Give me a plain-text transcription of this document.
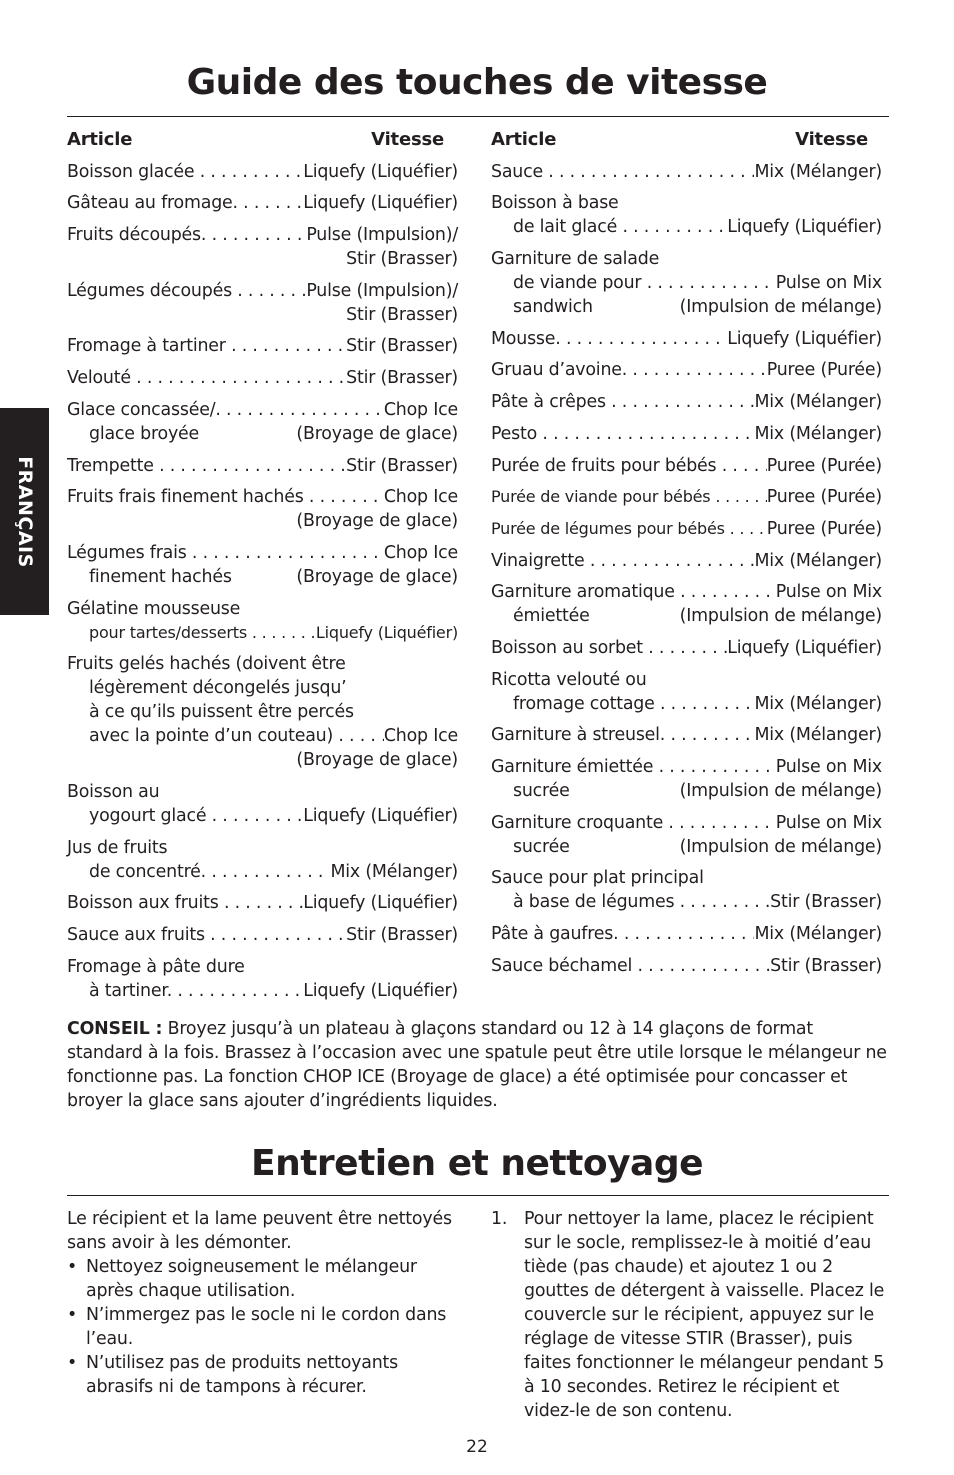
Guide des touches de vitesse
FRANÇAIS
Article	Vitesse
Boisson glacée . . .	Liquefy (Liquéfier)
Gâteau au fromage. . . .	Liquefy (Liquéfier)
Fruits découpés. . . .	Pulse (Impulsion)/
Stir (Brasser)
Légumes découpés . . .	Pulse (Impulsion)/
Stir (Brasser)
Fromage à tartiner . . .	Stir (Brasser)
Velouté . . .	Stir (Brasser)
Glace concassée/. . . .	Chop Ice
glace broyée	(Broyage de glace)
Trempette . . .	Stir (Brasser)
Fruits frais finement hachés . . .	Chop Ice
(Broyage de glace)
Légumes frais . . .	Chop Ice
finement hachés	(Broyage de glace)
Gélatine mousseuse
pour tartes/desserts . . .	Liquefy (Liquéfier)
Fruits gelés hachés (doivent être
légèrement décongelés jusqu’
à ce qu’ils puissent être percés
avec la pointe d’un couteau) . . .	Chop Ice
(Broyage de glace)
Boisson au
yogourt glacé . . .	Liquefy (Liquéfier)
Jus de fruits
de concentré. . . .	Mix (Mélanger)
Boisson aux fruits . . .	Liquefy (Liquéfier)
Sauce aux fruits . . .	Stir (Brasser)
Fromage à pâte dure
à tartiner. . . .	Liquefy (Liquéfier)
Article	Vitesse
Sauce . . .	Mix (Mélanger)
Boisson à base
de lait glacé . . .	Liquefy (Liquéfier)
Garniture de salade
de viande pour . . .	Pulse on Mix
sandwich	(Impulsion de mélange)
Mousse. . . .	Liquefy (Liquéfier)
Gruau d’avoine. . . .	Puree (Purée)
Pâte à crêpes . . .	Mix (Mélanger)
Pesto . . .	Mix (Mélanger)
Purée de fruits pour bébés . . .	Puree (Purée)
Purée de viande pour bébés . . .	Puree (Purée)
Purée de légumes pour bébés . . .	Puree (Purée)
Vinaigrette . . .	Mix (Mélanger)
Garniture aromatique . . .	Pulse on Mix
émiettée	(Impulsion de mélange)
Boisson au sorbet . . .	Liquefy (Liquéfier)
Ricotta velouté ou
fromage cottage . . .	Mix (Mélanger)
Garniture à streusel. . . .	Mix (Mélanger)
Garniture émiettée . . .	Pulse on Mix
sucrée	(Impulsion de mélange)
Garniture croquante . . .	Pulse on Mix
sucrée	(Impulsion de mélange)
Sauce pour plat principal
à base de légumes . . .	Stir (Brasser)
Pâte à gaufres. . . .	Mix (Mélanger)
Sauce béchamel . . .	Stir (Brasser)
CONSEIL : Broyez jusqu’à un plateau à glaçons standard ou 12 à 14 glaçons de format standard à la fois. Brassez à l’occasion avec une spatule peut être utile lorsque le mélangeur ne fonctionne pas. La fonction CHOP ICE (Broyage de glace) a été optimisée pour concasser et broyer la glace sans ajouter d’ingrédients liquides.
Entretien et nettoyage
Le récipient et la lame peuvent être nettoyés sans avoir à les démonter.
• Nettoyez soigneusement le mélangeur après chaque utilisation.
• N’immergez pas le socle ni le cordon dans l’eau.
• N’utilisez pas de produits nettoyants abrasifs ni de tampons à récurer.
1. Pour nettoyer la lame, placez le récipient sur le socle, remplissez-le à moitié d’eau tiède (pas chaude) et ajoutez 1 ou 2 gouttes de détergent à vaisselle. Placez le couvercle sur le récipient, appuyez sur le réglage de vitesse STIR (Brasser), puis faites fonctionner le mélangeur pendant 5 à 10 secondes. Retirez le récipient et videz-le de son contenu.
22
